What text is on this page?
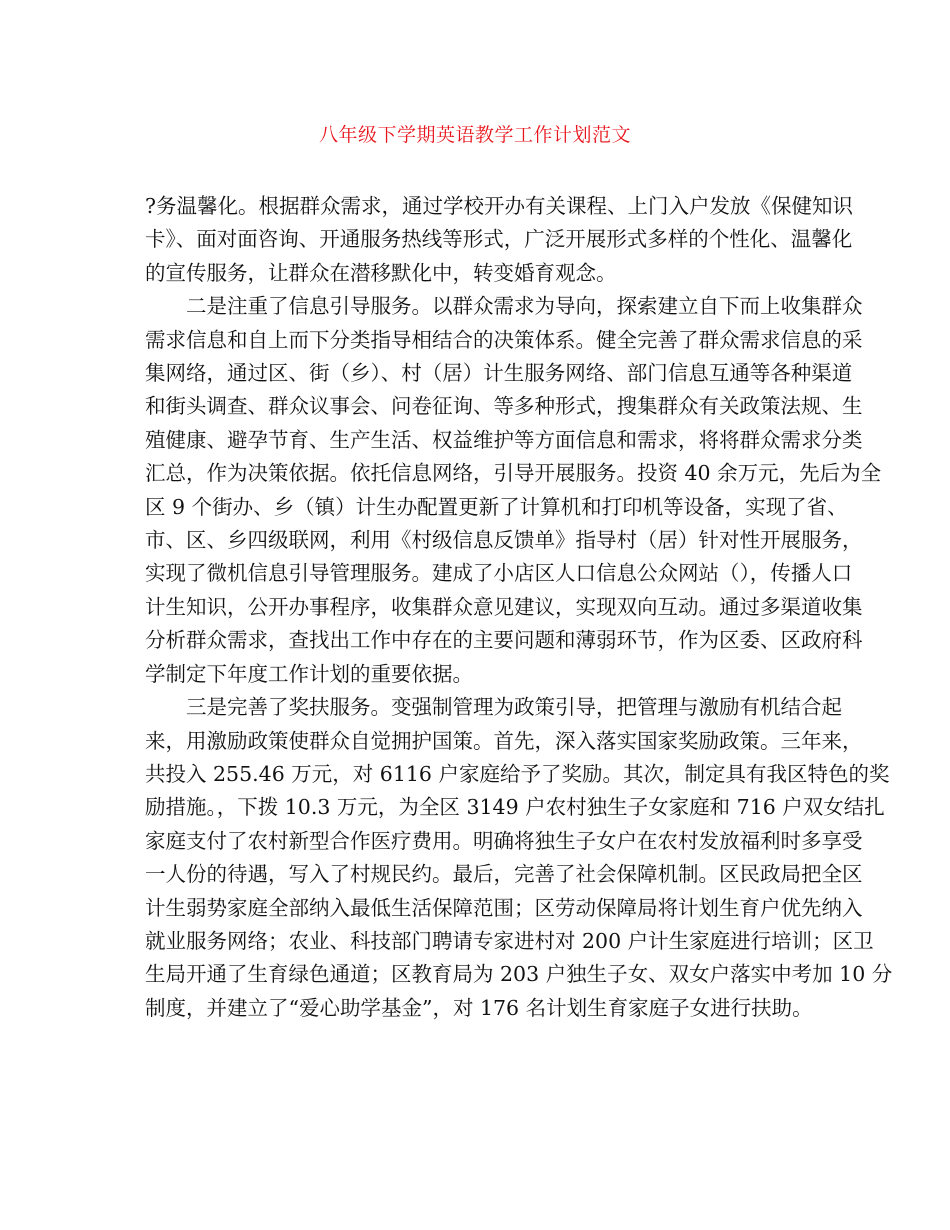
八年级下学期英语教学工作计划范文

?务温馨化。根据群众需求，通过学校开办有关课程、上门入户发放《保健知识

卡》、面对面咨询、开通服务热线等形式，广泛开展形式多样的个性化、温馨化

的宣传服务，让群众在潜移默化中，转变婚育观念。

二是注重了信息引导服务。以群众需求为导向，探索建立自下而上收集群众

需求信息和自上而下分类指导相结合的决策体系。健全完善了群众需求信息的采

集网络，通过区、街（乡）、村（居）计生服务网络、部门信息互通等各种渠道

和街头调查、群众议事会、问卷征询、等多种形式，搜集群众有关政策法规、生

殖健康、避孕节育、生产生活、权益维护等方面信息和需求，将将群众需求分类

汇总，作为决策依据。依托信息网络，引导开展服务。投资 40 余万元，先后为全

区 9 个街办、乡（镇）计生办配置更新了计算机和打印机等设备，实现了省、

市、区、乡四级联网，利用《村级信息反馈单》指导村（居）针对性开展服务，

实现了微机信息引导管理服务。建成了小店区人口信息公众网站（），传播人口

计生知识，公开办事程序，收集群众意见建议，实现双向互动。通过多渠道收集

分析群众需求，查找出工作中存在的主要问题和薄弱环节，作为区委、区政府科

学制定下年度工作计划的重要依据。

三是完善了奖扶服务。变强制管理为政策引导，把管理与激励有机结合起

来，用激励政策使群众自觉拥护国策。首先，深入落实国家奖励政策。三年来，

共投入 255.46 万元，对 6116 户家庭给予了奖励。其次，制定具有我区特色的奖

励措施。，下拨 10.3 万元，为全区 3149 户农村独生子女家庭和 716 户双女结扎

家庭支付了农村新型合作医疗费用。明确将独生子女户在农村发放福利时多享受

一人份的待遇，写入了村规民约。最后，完善了社会保障机制。区民政局把全区

计生弱势家庭全部纳入最低生活保障范围；区劳动保障局将计划生育户优先纳入

就业服务网络；农业、科技部门聘请专家进村对 200 户计生家庭进行培训；区卫

生局开通了生育绿色通道；区教育局为 203 户独生子女、双女户落实中考加 10 分

制度，并建立了“爱心助学基金”，对 176 名计划生育家庭子女进行扶助。
